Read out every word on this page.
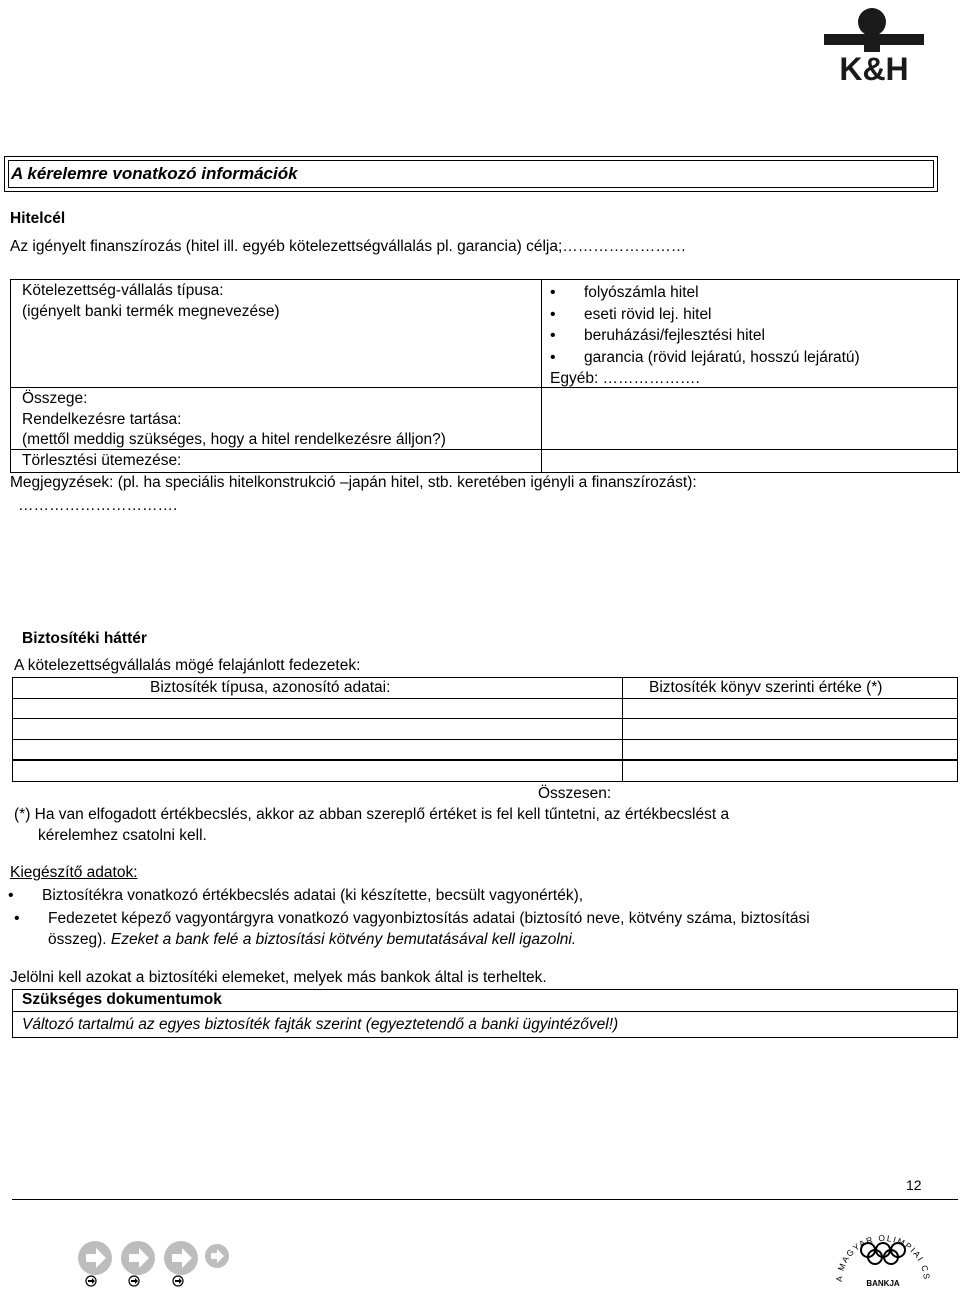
K&H
A kérelemre vonatkozó információk
Hitelcél
Az igényelt finanszírozás (hitel ill. egyéb kötelezettségvállalás pl. garancia) célja;……………………
Kötelezettség-vállalás típusa:
(igényelt banki termék megnevezése)
• folyószámla hitel
• eseti rövid lej. hitel
• beruházási/fejlesztési hitel
• garancia (rövid lejáratú, hosszú lejáratú)
Egyéb: ……………….
Összege:
Rendelkezésre tartása:
(mettől meddig szükséges, hogy a hitel rendelkezésre álljon?)
Törlesztési ütemezése:
Megjegyzések: (pl. ha speciális hitelkonstrukció –japán hitel, stb. keretében igényli a finanszírozást):
………………………….
Biztosítéki háttér
A kötelezettségvállalás mögé felajánlott fedezetek:
Biztosíték típusa, azonosító adatai:	Biztosíték könyv szerinti értéke (*)
Összesen:
(*) Ha van elfogadott értékbecslés, akkor az abban szereplő értéket is fel kell tűntetni, az értékbecslést a
kérelemhez csatolni kell.
Kiegészítő adatok:
• Biztosítékra vonatkozó értékbecslés adatai (ki készítette, becsült vagyonérték),
• Fedezetet képező vagyontárgyra vonatkozó vagyonbiztosítás adatai (biztosító neve, kötvény száma, biztosítási
összeg). Ezeket a bank felé a biztosítási kötvény bemutatásával kell igazolni.
Jelölni kell azokat a biztosítéki elemeket, melyek más bankok által is terheltek.
Szükséges dokumentumok
Változó tartalmú az egyes biztosíték fajták szerint (egyeztetendő a banki ügyintézővel!)
12
A MAGYAR OLIMPIAI CS
BANKJA
